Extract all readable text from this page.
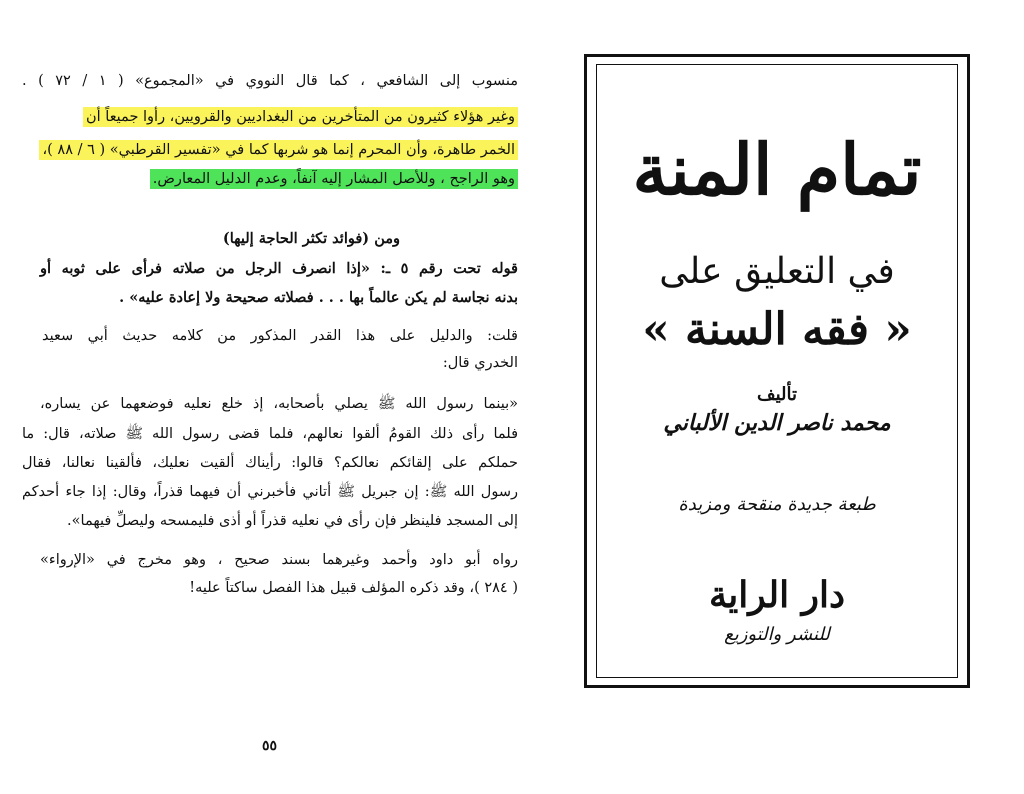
منسوب إلى الشافعي ، كما قال النووي في «المجموع» ( ١ / ٧٢ ) .
وغير هؤلاء كثيرون من المتأخرين من البغداديين والقرويين، رأوا جميعاً أن
الخمر طاهرة، وأن المحرم إنما هو شربها كما في «تفسير القرطبي» ( ٦ / ٨٨ )،
وهو الراجح ، وللأصل المشار إليه آنفاً، وعدم الدليل المعارض.
ومن (فوائد تكثر الحاجة إليها)
قوله تحت رقم ٥ ـ: «إذا انصرف الرجل من صلاته فرأى على ثوبه أو
بدنه نجاسة لم يكن عالماً بها . . . فصلاته صحيحة ولا إعادة عليه» .
قلت: والدليل على هذا القدر المذكور من كلامه حديث أبي سعيد
الخدري قال:
«بينما رسول الله ﷺ يصلي بأصحابه، إذ خلع نعليه فوضعهما عن يساره،
فلما رأى ذلك القومُ ألقوا نعالهم، فلما قضى رسول الله ﷺ صلاته، قال: ما
حملكم على إلقائكم نعالكم؟ قالوا: رأيناك ألقيت نعليك، فألقينا نعالنا، فقال
رسول الله ﷺ: إن جبريل ﷺ أتاني فأخبرني أن فيهما قذراً، وقال: إذا جاء أحدكم
إلى المسجد فلينظر فإن رأى في نعليه قذراً أو أذى فليمسحه وليصلِّ فيهما».
رواه أبو داود وأحمد وغيرهما بسند صحيح ، وهو مخرج في «الإرواء»
( ٢٨٤ )، وقد ذكره المؤلف قبيل هذا الفصل ساكتاً عليه!
٥٥
تمام المنة
في التعليق على
« فقه السنة »
تأليف
محمد ناصر الدين الألباني
طبعة جديدة منقحة ومزيدة
دار الراية
للنشر والتوزيع
